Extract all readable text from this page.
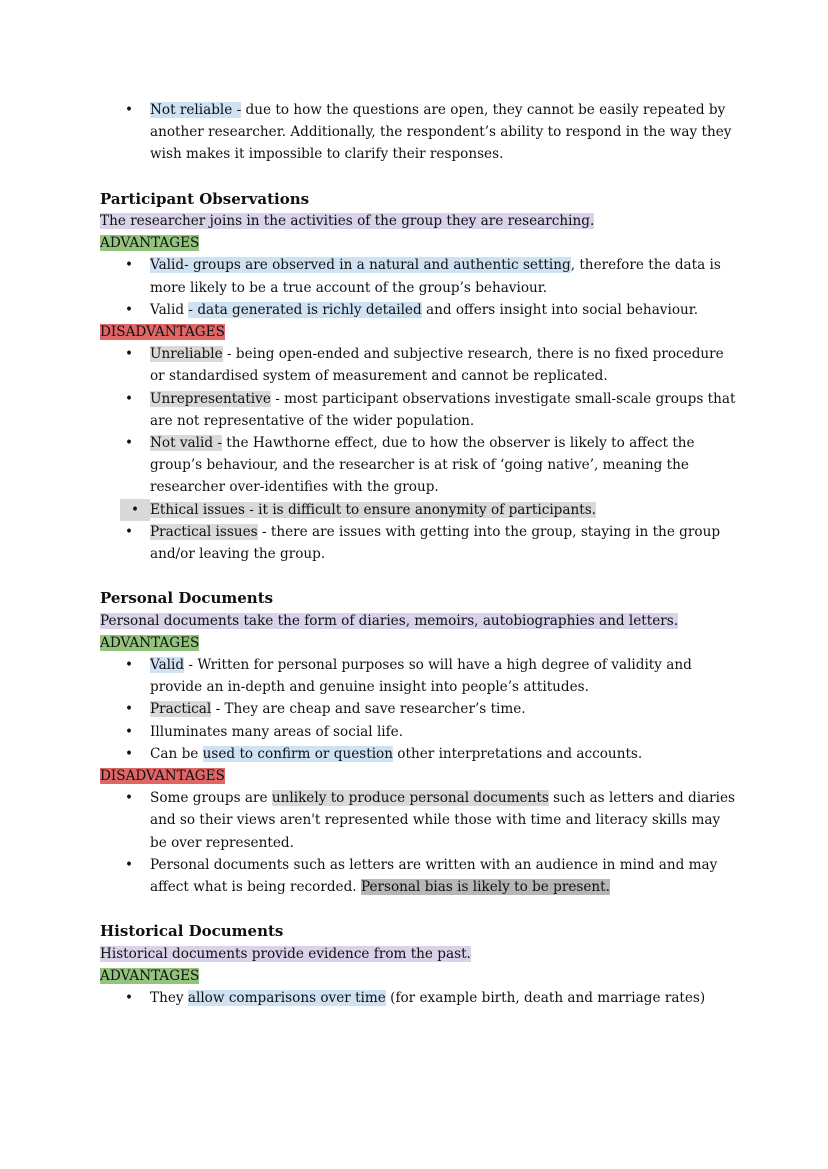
• Not reliable - due to how the questions are open, they cannot be easily repeated by another researcher. Additionally, the respondent’s ability to respond in the way they wish makes it impossible to clarify their responses.
Participant Observations
The researcher joins in the activities of the group they are researching.
ADVANTAGES
• Valid- groups are observed in a natural and authentic setting, therefore the data is more likely to be a true account of the group’s behaviour.
• Valid - data generated is richly detailed and offers insight into social behaviour.
DISADVANTAGES
• Unreliable - being open-ended and subjective research, there is no fixed procedure or standardised system of measurement and cannot be replicated.
• Unrepresentative - most participant observations investigate small-scale groups that are not representative of the wider population.
• Not valid - the Hawthorne effect, due to how the observer is likely to affect the group’s behaviour, and the researcher is at risk of ‘going native’, meaning the researcher over-identifies with the group.
• Ethical issues - it is difficult to ensure anonymity of participants.
• Practical issues - there are issues with getting into the group, staying in the group and/or leaving the group.
Personal Documents
Personal documents take the form of diaries, memoirs, autobiographies and letters.
ADVANTAGES
• Valid - Written for personal purposes so will have a high degree of validity and provide an in-depth and genuine insight into people’s attitudes.
• Practical - They are cheap and save researcher’s time.
• Illuminates many areas of social life.
• Can be used to confirm or question other interpretations and accounts.
DISADVANTAGES
• Some groups are unlikely to produce personal documents such as letters and diaries and so their views aren't represented while those with time and literacy skills may be over represented.
• Personal documents such as letters are written with an audience in mind and may affect what is being recorded. Personal bias is likely to be present.
Historical Documents
Historical documents provide evidence from the past.
ADVANTAGES
• They allow comparisons over time (for example birth, death and marriage rates)
